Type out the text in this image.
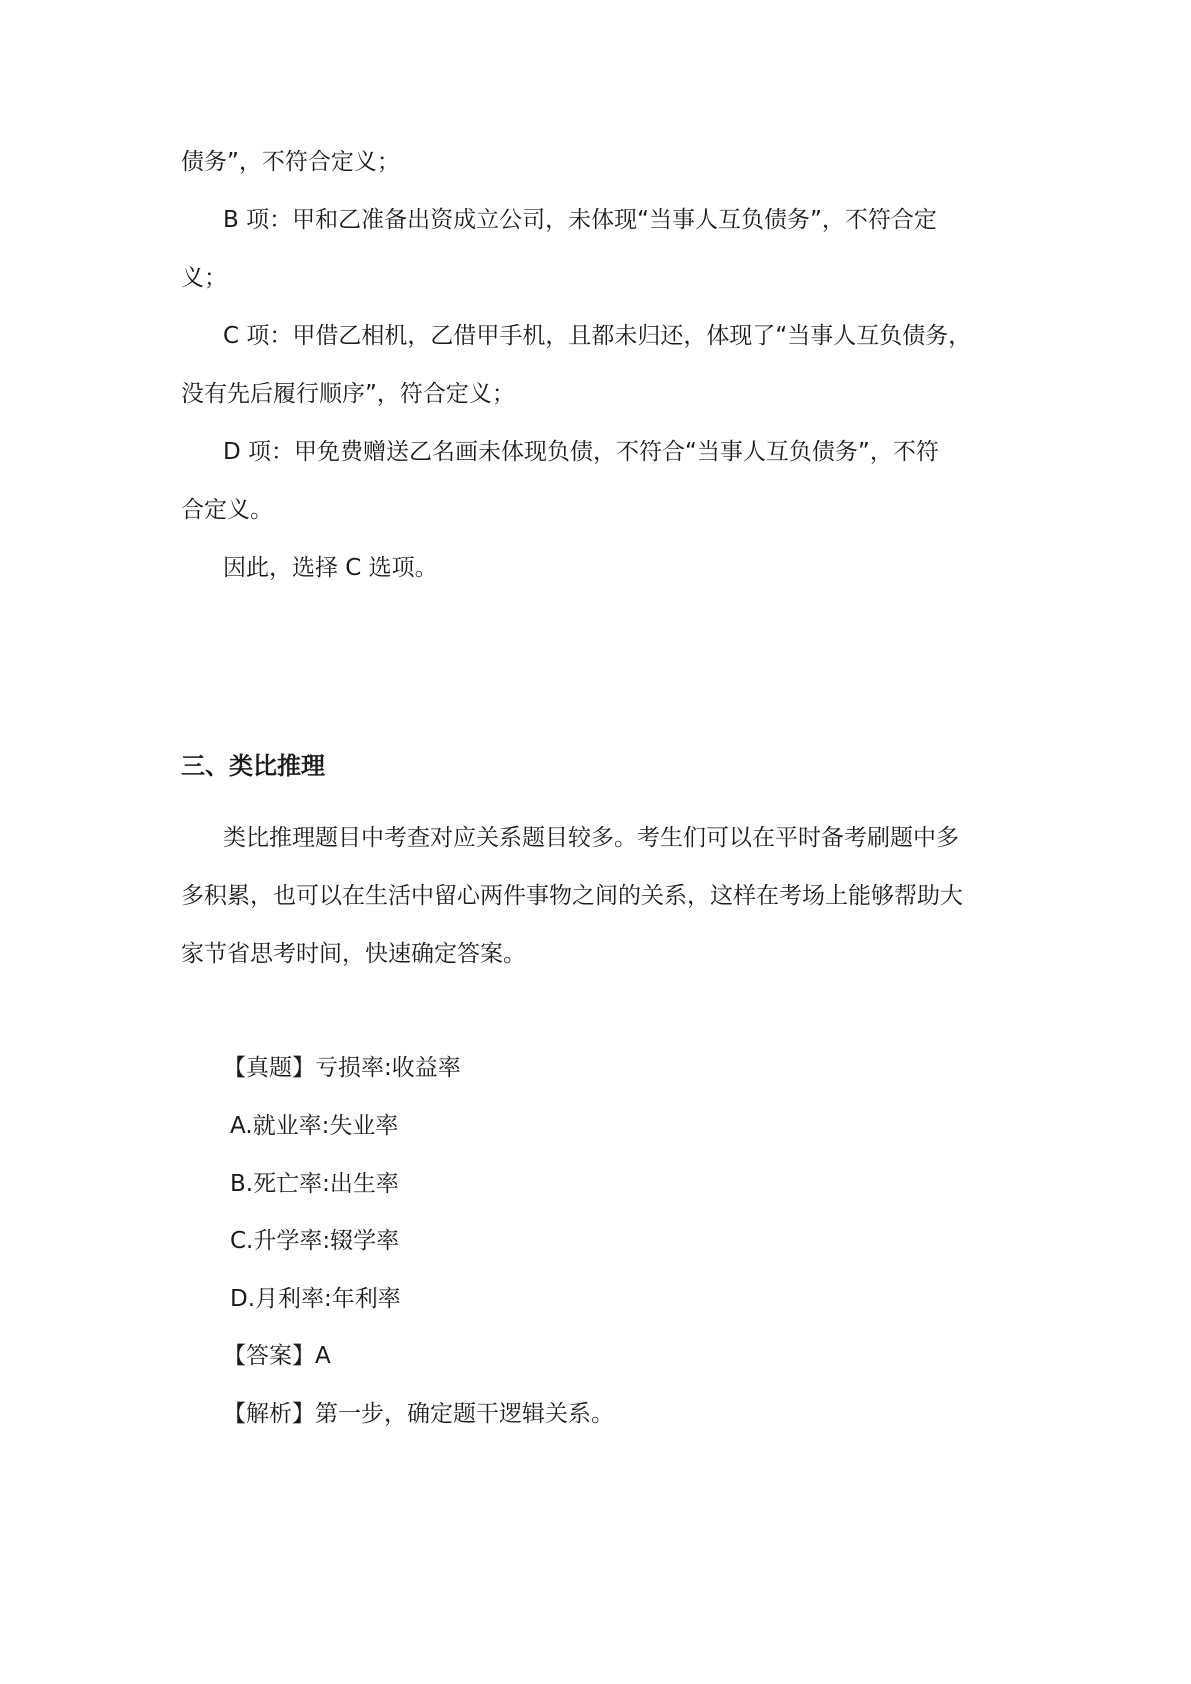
债务”，不符合定义；

B 项：甲和乙准备出资成立公司，未体现“当事人互负债务”，不符合定

义；

C 项：甲借乙相机，乙借甲手机，且都未归还，体现了“当事人互负债务，

没有先后履行顺序”，符合定义；

D 项：甲免费赠送乙名画未体现负债，不符合“当事人互负债务”，不符

合定义。

因此，选择 C 选项。

三、类比推理

类比推理题目中考查对应关系题目较多。考生们可以在平时备考刷题中多

多积累，也可以在生活中留心两件事物之间的关系，这样在考场上能够帮助大

家节省思考时间，快速确定答案。

【真题】亏损率:收益率

A.就业率:失业率

B.死亡率:出生率

C.升学率:辍学率

D.月利率:年利率

【答案】A

【解析】第一步，确定题干逻辑关系。
